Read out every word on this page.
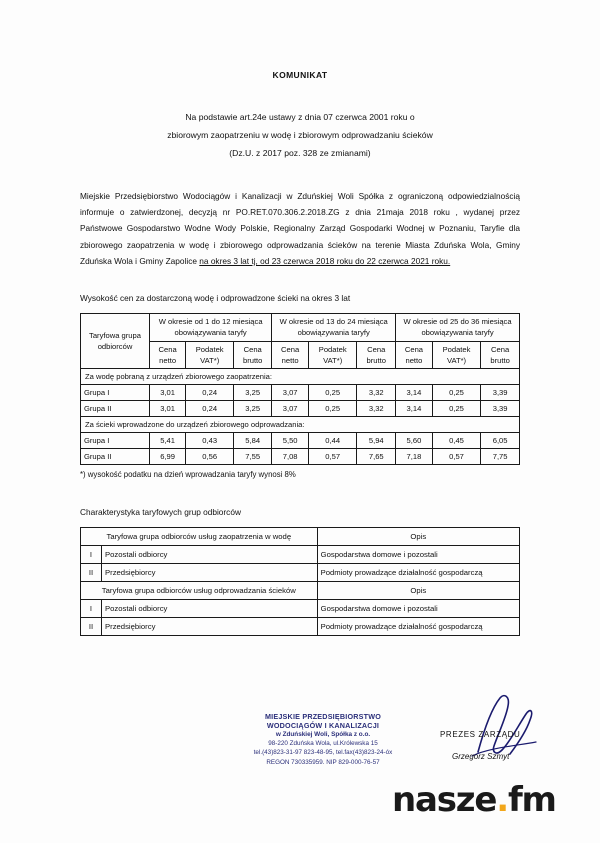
KOMUNIKAT
Na podstawie art.24e ustawy z dnia 07 czerwca 2001 roku o
zbiorowym zaopatrzeniu w wodę i zbiorowym odprowadzaniu ścieków
(Dz.U. z 2017 poz. 328 ze zmianami)
Miejskie Przedsiębiorstwo Wodociągów i Kanalizacji w Zduńskiej Woli Spółka z ograniczoną odpowiedzialnością informuje o zatwierdzonej, decyzją nr PO.RET.070.306.2.2018.ZG z dnia 21maja 2018 roku , wydanej przez Państwowe Gospodarstwo Wodne Wody Polskie, Regionalny Zarząd Gospodarki Wodnej w Poznaniu, Taryfie dla zbiorowego zaopatrzenia w wodę i zbiorowego odprowadzania ścieków na terenie Miasta Zduńska Wola, Gminy Zduńska Wola i Gminy Zapolice na okres 3 lat tj, od 23 czerwca 2018 roku do 22 czerwca 2021 roku.
Wysokość cen za dostarczoną wodę i odprowadzone ścieki na okres 3 lat
Taryfowa grupa odbiorców	W okresie od 1 do 12 miesiąca obowiązywania taryfy			W okresie od 13 do 24 miesiąca obowiązywania taryfy			W okresie od 25 do 36 miesiąca obowiązywania taryfy		
	Cena netto	Podatek VAT*)	Cena brutto	Cena netto	Podatek VAT*)	Cena brutto	Cena netto	Podatek VAT*)	Cena brutto
Za wodę pobraną z urządzeń zbiorowego zaopatrzenia:									
Grupa I	3,01	0,24	3,25	3,07	0,25	3,32	3,14	0,25	3,39
Grupa II	3,01	0,24	3,25	3,07	0,25	3,32	3,14	0,25	3,39
Za ścieki wprowadzone do urządzeń zbiorowego odprowadzania:									
Grupa I	5,41	0,43	5,84	5,50	0,44	5,94	5,60	0,45	6,05
Grupa II	6,99	0,56	7,55	7,08	0,57	7,65	7,18	0,57	7,75
*) wysokość podatku na dzień wprowadzania taryfy wynosi 8%
Charakterystyka taryfowych grup odbiorców
Taryfowa grupa odbiorców usług zaopatrzenia w wodę		Opis
I	Pozostali odbiorcy	Gospodarstwa domowe i pozostali
II	Przedsiębiorcy	Podmioty prowadzące działalność gospodarczą
Taryfowa grupa odbiorców usług odprowadzania ścieków		Opis
I	Pozostali odbiorcy	Gospodarstwa domowe i pozostali
II	Przedsiębiorcy	Podmioty prowadzące działalność gospodarczą
MIEJSKIE PRZEDSIĘBIORSTWO
WODOCIĄGÓW I KANALIZACJI
w Zduńskiej Woli, Spółka z o.o.
98-220 Zduńska Wola, ul.Królewska 15
tel.(43)823-31-97 823-48-95, tel.fax(43)823-24-óx
REGON 730335959. NIP 829-000-76-57
PREZES ZARZĄDU
Grzegorz Szmyt
nasze.fm
